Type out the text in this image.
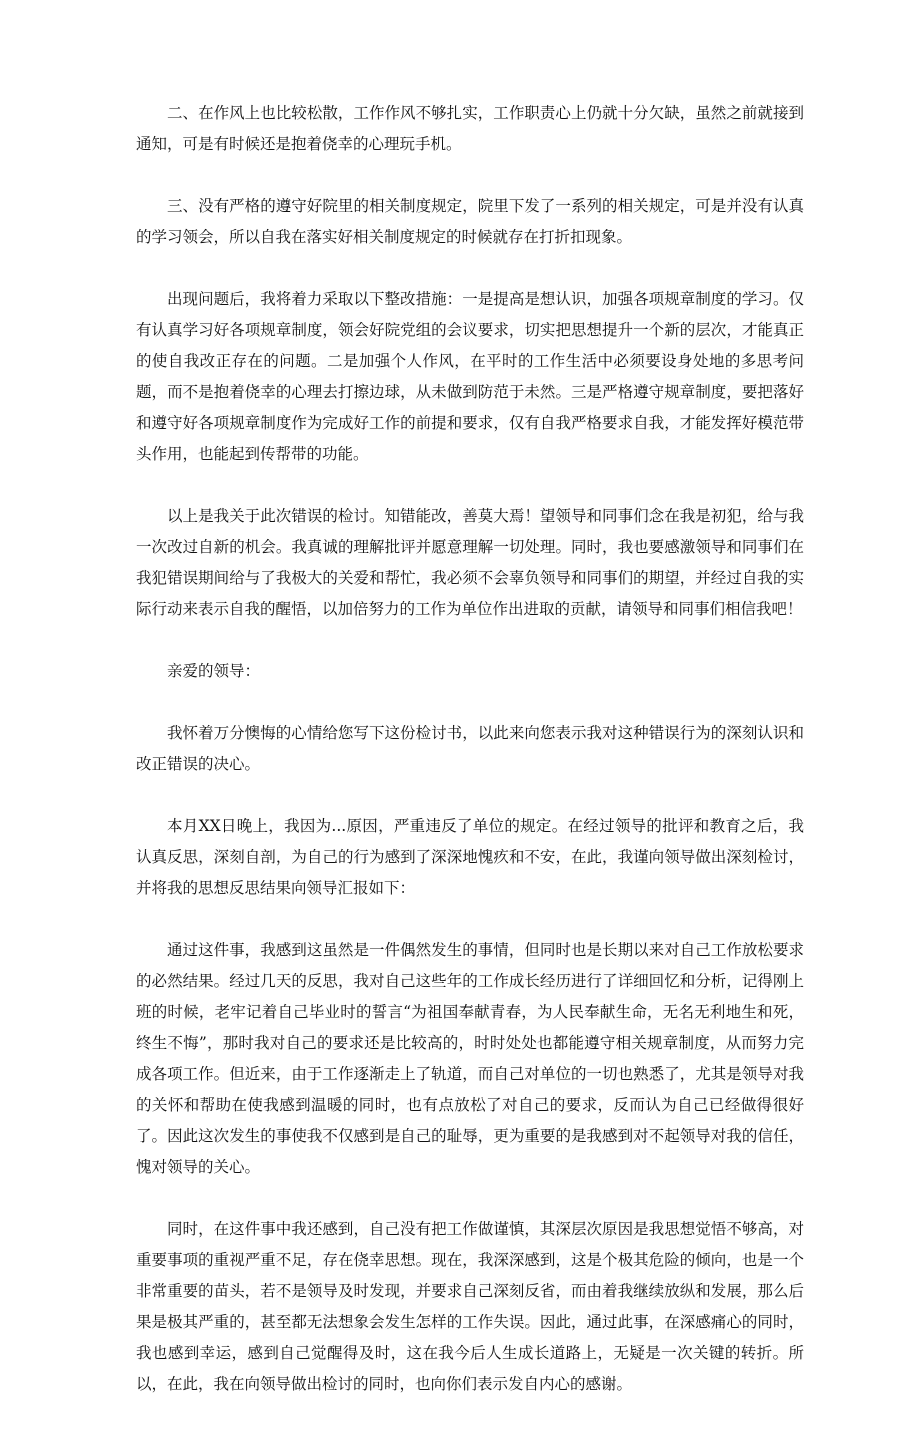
二、在作风上也比较松散，工作作风不够扎实，工作职责心上仍就十分欠缺，虽然之前就接到通知，可是有时候还是抱着侥幸的心理玩手机。

三、没有严格的遵守好院里的相关制度规定，院里下发了一系列的相关规定，可是并没有认真的学习领会，所以自我在落实好相关制度规定的时候就存在打折扣现象。

出现问题后，我将着力采取以下整改措施：一是提高是想认识，加强各项规章制度的学习。仅有认真学习好各项规章制度，领会好院党组的会议要求，切实把思想提升一个新的层次，才能真正的使自我改正存在的问题。二是加强个人作风，在平时的工作生活中必须要设身处地的多思考问题，而不是抱着侥幸的心理去打擦边球，从未做到防范于未然。三是严格遵守规章制度，要把落好和遵守好各项规章制度作为完成好工作的前提和要求，仅有自我严格要求自我，才能发挥好模范带头作用，也能起到传帮带的功能。

以上是我关于此次错误的检讨。知错能改，善莫大焉！望领导和同事们念在我是初犯，给与我一次改过自新的机会。我真诚的理解批评并愿意理解一切处理。同时，我也要感激领导和同事们在我犯错误期间给与了我极大的关爱和帮忙，我必须不会辜负领导和同事们的期望，并经过自我的实际行动来表示自我的醒悟，以加倍努力的工作为单位作出进取的贡献，请领导和同事们相信我吧！

亲爱的领导：

我怀着万分懊悔的心情给您写下这份检讨书，以此来向您表示我对这种错误行为的深刻认识和改正错误的决心。

本月XX日晚上，我因为...原因，严重违反了单位的规定。在经过领导的批评和教育之后，我认真反思，深刻自剖，为自己的行为感到了深深地愧疚和不安，在此，我谨向领导做出深刻检讨，并将我的思想反思结果向领导汇报如下：

通过这件事，我感到这虽然是一件偶然发生的事情，但同时也是长期以来对自己工作放松要求的必然结果。经过几天的反思，我对自己这些年的工作成长经历进行了详细回忆和分析，记得刚上班的时候，老牢记着自己毕业时的誓言“为祖国奉献青春，为人民奉献生命，无名无利地生和死，终生不悔”，那时我对自己的要求还是比较高的，时时处处也都能遵守相关规章制度，从而努力完成各项工作。但近来，由于工作逐渐走上了轨道，而自己对单位的一切也熟悉了，尤其是领导对我的关怀和帮助在使我感到温暖的同时，也有点放松了对自己的要求，反而认为自己已经做得很好了。因此这次发生的事使我不仅感到是自己的耻辱，更为重要的是我感到对不起领导对我的信任，愧对领导的关心。

同时，在这件事中我还感到，自己没有把工作做谨慎，其深层次原因是我思想觉悟不够高，对重要事项的重视严重不足，存在侥幸思想。现在，我深深感到，这是个极其危险的倾向，也是一个非常重要的苗头，若不是领导及时发现，并要求自己深刻反省，而由着我继续放纵和发展，那么后果是极其严重的，甚至都无法想象会发生怎样的工作失误。因此，通过此事，在深感痛心的同时，我也感到幸运，感到自己觉醒得及时，这在我今后人生成长道路上，无疑是一次关键的转折。所以，在此，我在向领导做出检讨的同时，也向你们表示发自内心的感谢。
